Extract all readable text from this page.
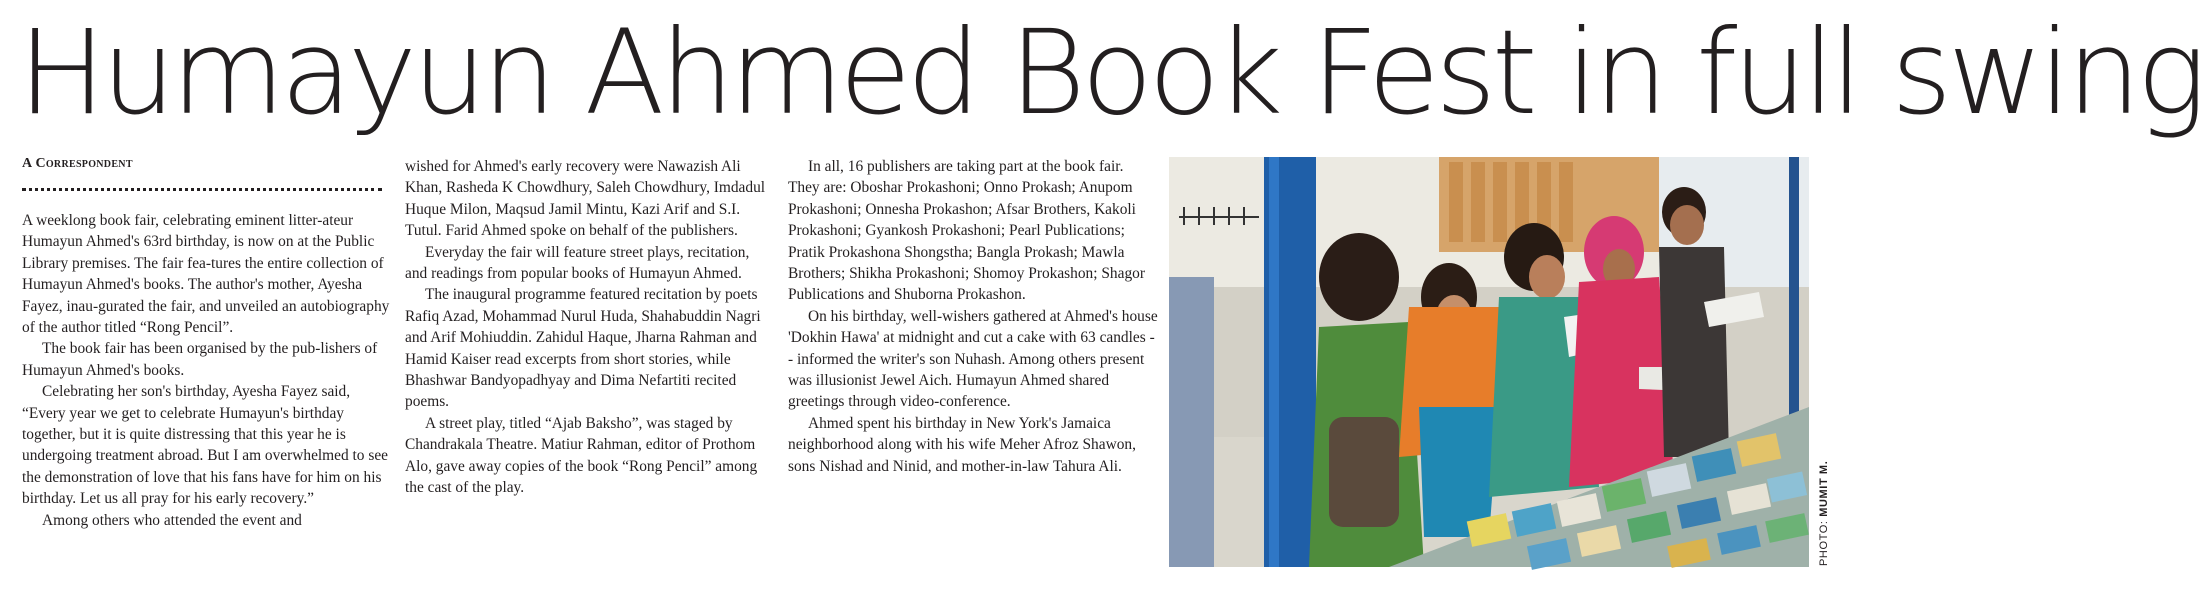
Humayun Ahmed Book Fest in full swing
A Correspondent

A weeklong book fair, celebrating eminent litter-ateur Humayun Ahmed's 63rd birthday, is now on at the Public Library premises. The fair fea-tures the entire collection of Humayun Ahmed's books. The author's mother, Ayesha Fayez, inau-gurated the fair, and unveiled an autobiography of the author titled “Rong Pencil”.

The book fair has been organised by the pub-lishers of Humayun Ahmed's books.

Celebrating her son's birthday, Ayesha Fayez said, “Every year we get to celebrate Humayun's birthday together, but it is quite distressing that this year he is undergoing treatment abroad. But I am overwhelmed to see the demonstration of love that his fans have for him on his birthday. Let us all pray for his early recovery.”

Among others who attended the event and

wished for Ahmed's early recovery were Nawazish Ali Khan, Rasheda K Chowdhury, Saleh Chowdhury, Imdadul Huque Milon, Maqsud Jamil Mintu, Kazi Arif and S.I. Tutul. Farid Ahmed spoke on behalf of the publishers.

Everyday the fair will feature street plays, recitation, and readings from popular books of Humayun Ahmed.

The inaugural programme featured recitation by poets Rafiq Azad, Mohammad Nurul Huda, Shahabuddin Nagri and Arif Mohiuddin. Zahidul Haque, Jharna Rahman and Hamid Kaiser read excerpts from short stories, while Bhashwar Bandyopadhyay and Dima Nefartiti recited poems.

A street play, titled “Ajab Baksho”, was staged by Chandrakala Theatre. Matiur Rahman, editor of Prothom Alo, gave away copies of the book “Rong Pencil” among the cast of the play.

In all, 16 publishers are taking part at the book fair. They are: Oboshar Prokashoni; Onno Prokash; Anupom Prokashoni; Onnesha Prokashon; Afsar Brothers, Kakoli Prokashoni; Gyankosh Prokashoni; Pearl Publications; Pratik Prokashona Shongstha; Bangla Prokash; Mawla Brothers; Shikha Prokashoni; Shomoy Prokashon; Shagor Publications and Shuborna Prokashon.

On his birthday, well-wishers gathered at Ahmed's house 'Dokhin Hawa' at midnight and cut a cake with 63 candles -- informed the writer's son Nuhash. Among others present was illusionist Jewel Aich. Humayun Ahmed shared greetings through video-conference.

Ahmed spent his birthday in New York's Jamaica neighborhood along with his wife Meher Afroz Shawon, sons Nishad and Ninid, and mother-in-law Tahura Ali.

PHOTO: MUMIT M.
